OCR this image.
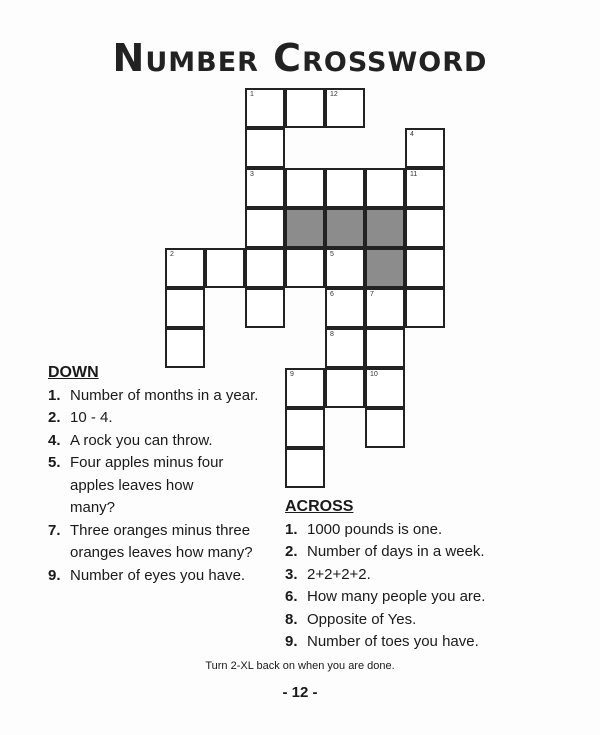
Number Crossword
1	12
4
3	11
2	5
6	7
8
9	10
DOWN
1. Number of months in a year.
2. 10 - 4.
4. A rock you can throw.
5. Four apples minus four apples leaves how many?
7. Three oranges minus three oranges leaves how many?
9. Number of eyes you have.
ACROSS
1. 1000 pounds is one.
2. Number of days in a week.
3. 2+2+2+2.
6. How many people you are.
8. Opposite of Yes.
9. Number of toes you have.
Turn 2-XL back on when you are done.
- 12 -
